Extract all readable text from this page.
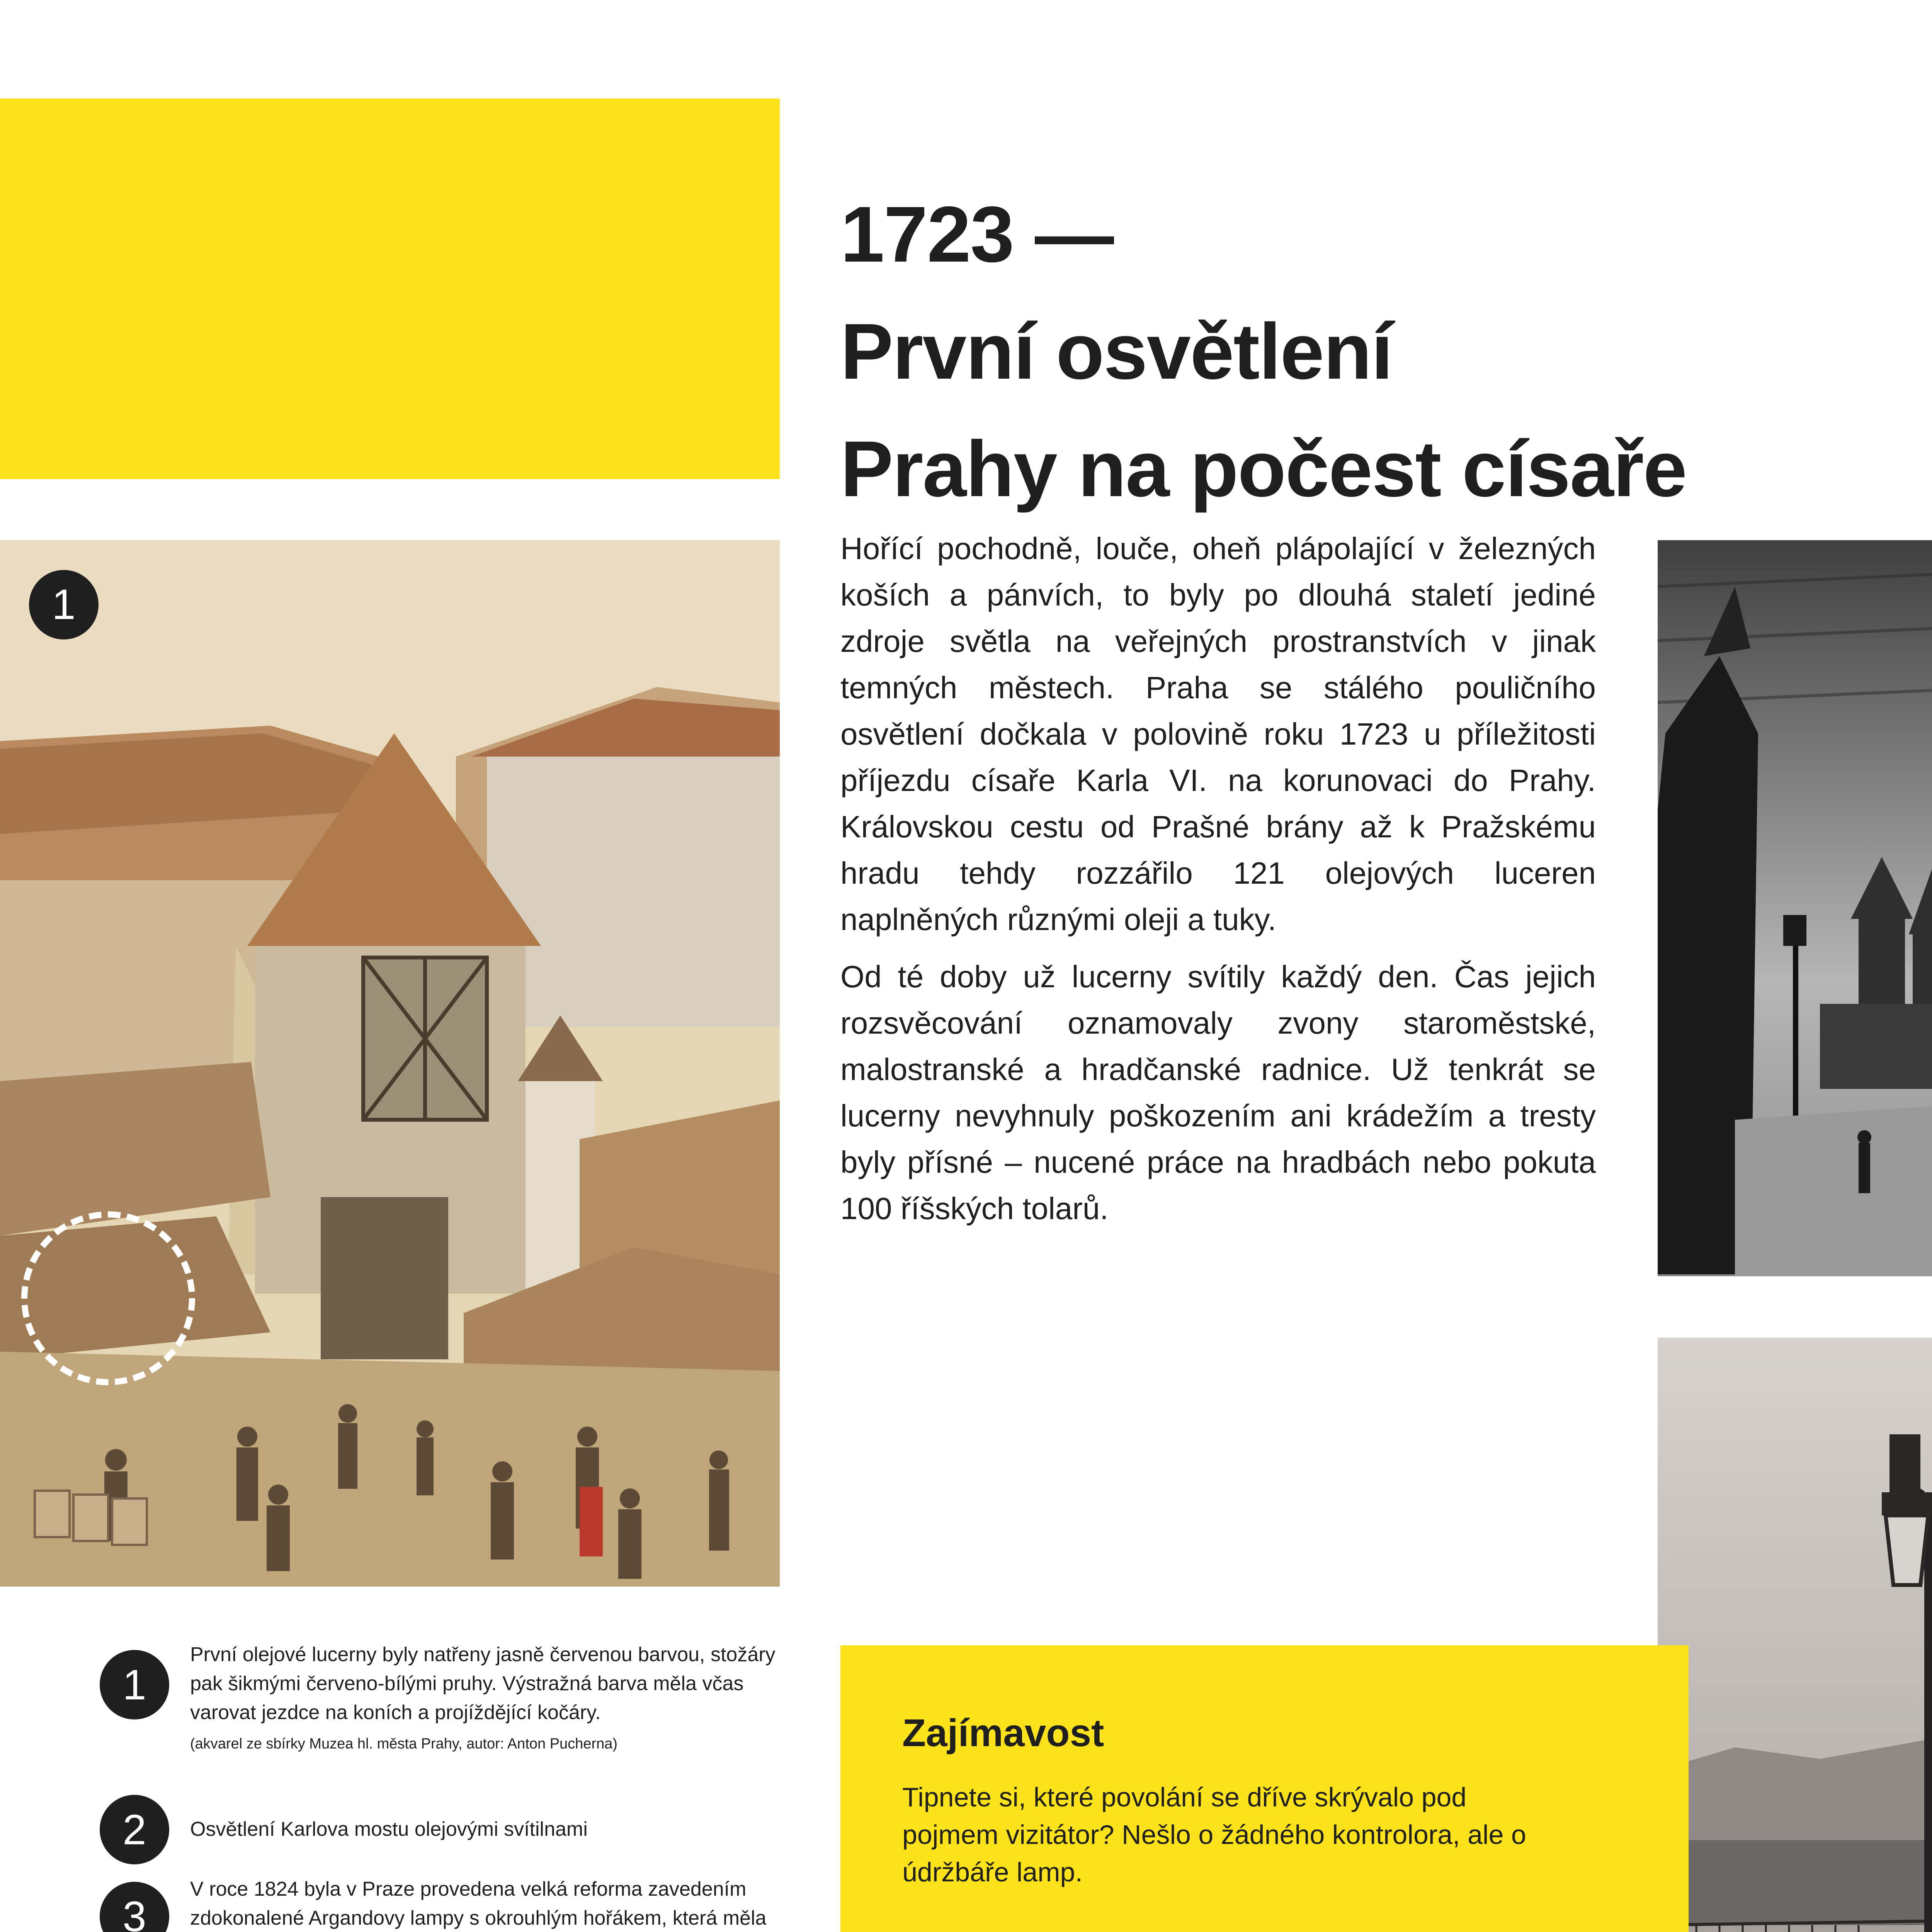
1723 —
První osvětlení
Prahy na počest císaře

Hořící pochodně, louče, oheň plápolající v železných koších a pánvích, to byly po dlouhá staletí jediné zdroje světla na veřejných prostranstvích v jinak temných městech. Praha se stálého pouličního osvětlení dočkala v polovině roku 1723 u příležitosti příjezdu císaře Karla VI. na korunovaci do Prahy. Královskou cestu od Prašné brány až k Pražskému hradu tehdy rozzářilo 121 olejových luceren naplněných různými oleji a tuky.

Od té doby už lucerny svítily každý den. Čas jejich rozsvěcování oznamovaly zvony staroměstské, malostranské a hradčanské radnice. Už tenkrát se lucerny nevyhnuly poškozením ani krádežím a tresty byly přísné – nucené práce na hradbách nebo pokuta 100 říšských tolarů.

1
1
První olejové lucerny byly natřeny jasně červenou barvou, stožáry pak šikmými červeno-bílými pruhy. Výstražná barva měla včas varovat jezdce na koních a projíždějící kočáry.
(akvarel ze sbírky Muzea hl. města Prahy, autor: Anton Pucherna)
2 Osvětlení Karlova mostu olejovými svítilnami
3
V roce 1824 byla v Praze provedena velká reforma zavedením zdokonalené Argandovy lampy s okrouhlým hořákem, která měla
Zajímavost
Tipnete si, které povolání se dříve skrývalo pod pojmem vizitátor? Nešlo o žádného kontrolora, ale o údržbáře lamp.
